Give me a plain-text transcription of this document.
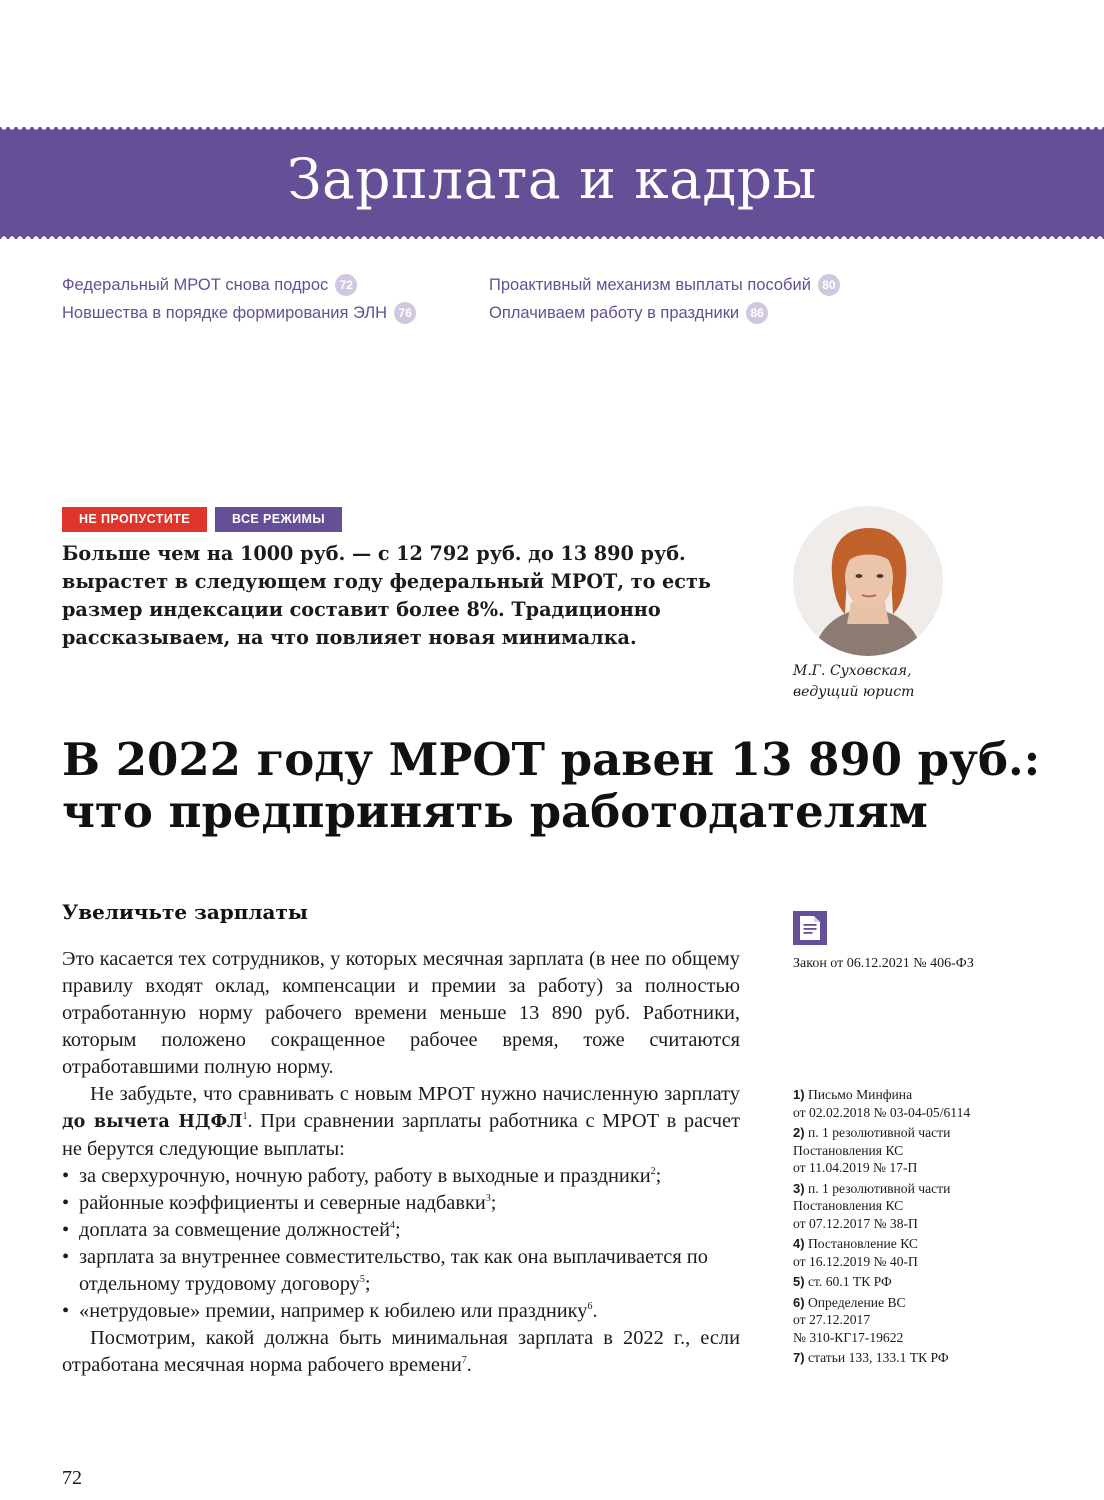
Зарплата и кадры
Федеральный МРОТ снова подрос 72
Новшества в порядке формирования ЭЛН 76
Проактивный механизм выплаты пособий 80
Оплачиваем работу в праздники 86
НЕ ПРОПУСТИТЕ	ВСЕ РЕЖИМЫ
Больше чем на 1000 руб. — с 12 792 руб. до 13 890 руб. вырастет в следующем году федеральный МРОТ, то есть размер индексации составит более 8%. Традиционно рассказываем, на что повлияет новая минималка.
М.Г. Суховская,
ведущий юрист
В 2022 году МРОТ равен 13 890 руб.:
что предпринять работодателям
Увеличьте зарплаты

Это касается тех сотрудников, у которых месячная зарплата (в нее по общему правилу входят оклад, компенсации и премии за работу) за полностью отработанную норму рабочего времени меньше 13 890 руб. Работники, которым положено сокращенное рабочее время, тоже считаются отработавшими полную норму.

Не забудьте, что сравнивать с новым МРОТ нужно начисленную зарплату до вычета НДФЛ$^1$. При сравнении зарплаты работника с МРОТ в расчет не берутся следующие выплаты:

• за сверхурочную, ночную работу, работу в выходные и праздники$^2$;
• районные коэффициенты и северные надбавки$^3$;
• доплата за совмещение должностей$^4$;
• зарплата за внутреннее совместительство, так как она выплачивается по отдельному трудовому договору$^5$;
• «нетрудовые» премии, например к юбилею или празднику$^6$.

Посмотрим, какой должна быть минимальная зарплата в 2022 г., если отработана месячная норма рабочего времени$^7$.

Закон от 06.12.2021 № 406-ФЗ
1) Письмо Минфина
от 02.02.2018 № 03-04-05/6114
2) п. 1 резолютивной части
Постановления КС
от 11.04.2019 № 17-П
3) п. 1 резолютивной части
Постановления КС
от 07.12.2017 № 38-П
4) Постановление КС
от 16.12.2019 № 40-П
5) ст. 60.1 ТК РФ
6) Определение ВС
от 27.12.2017
№ 310-КГ17-19622
7) статьи 133, 133.1 ТК РФ
72
